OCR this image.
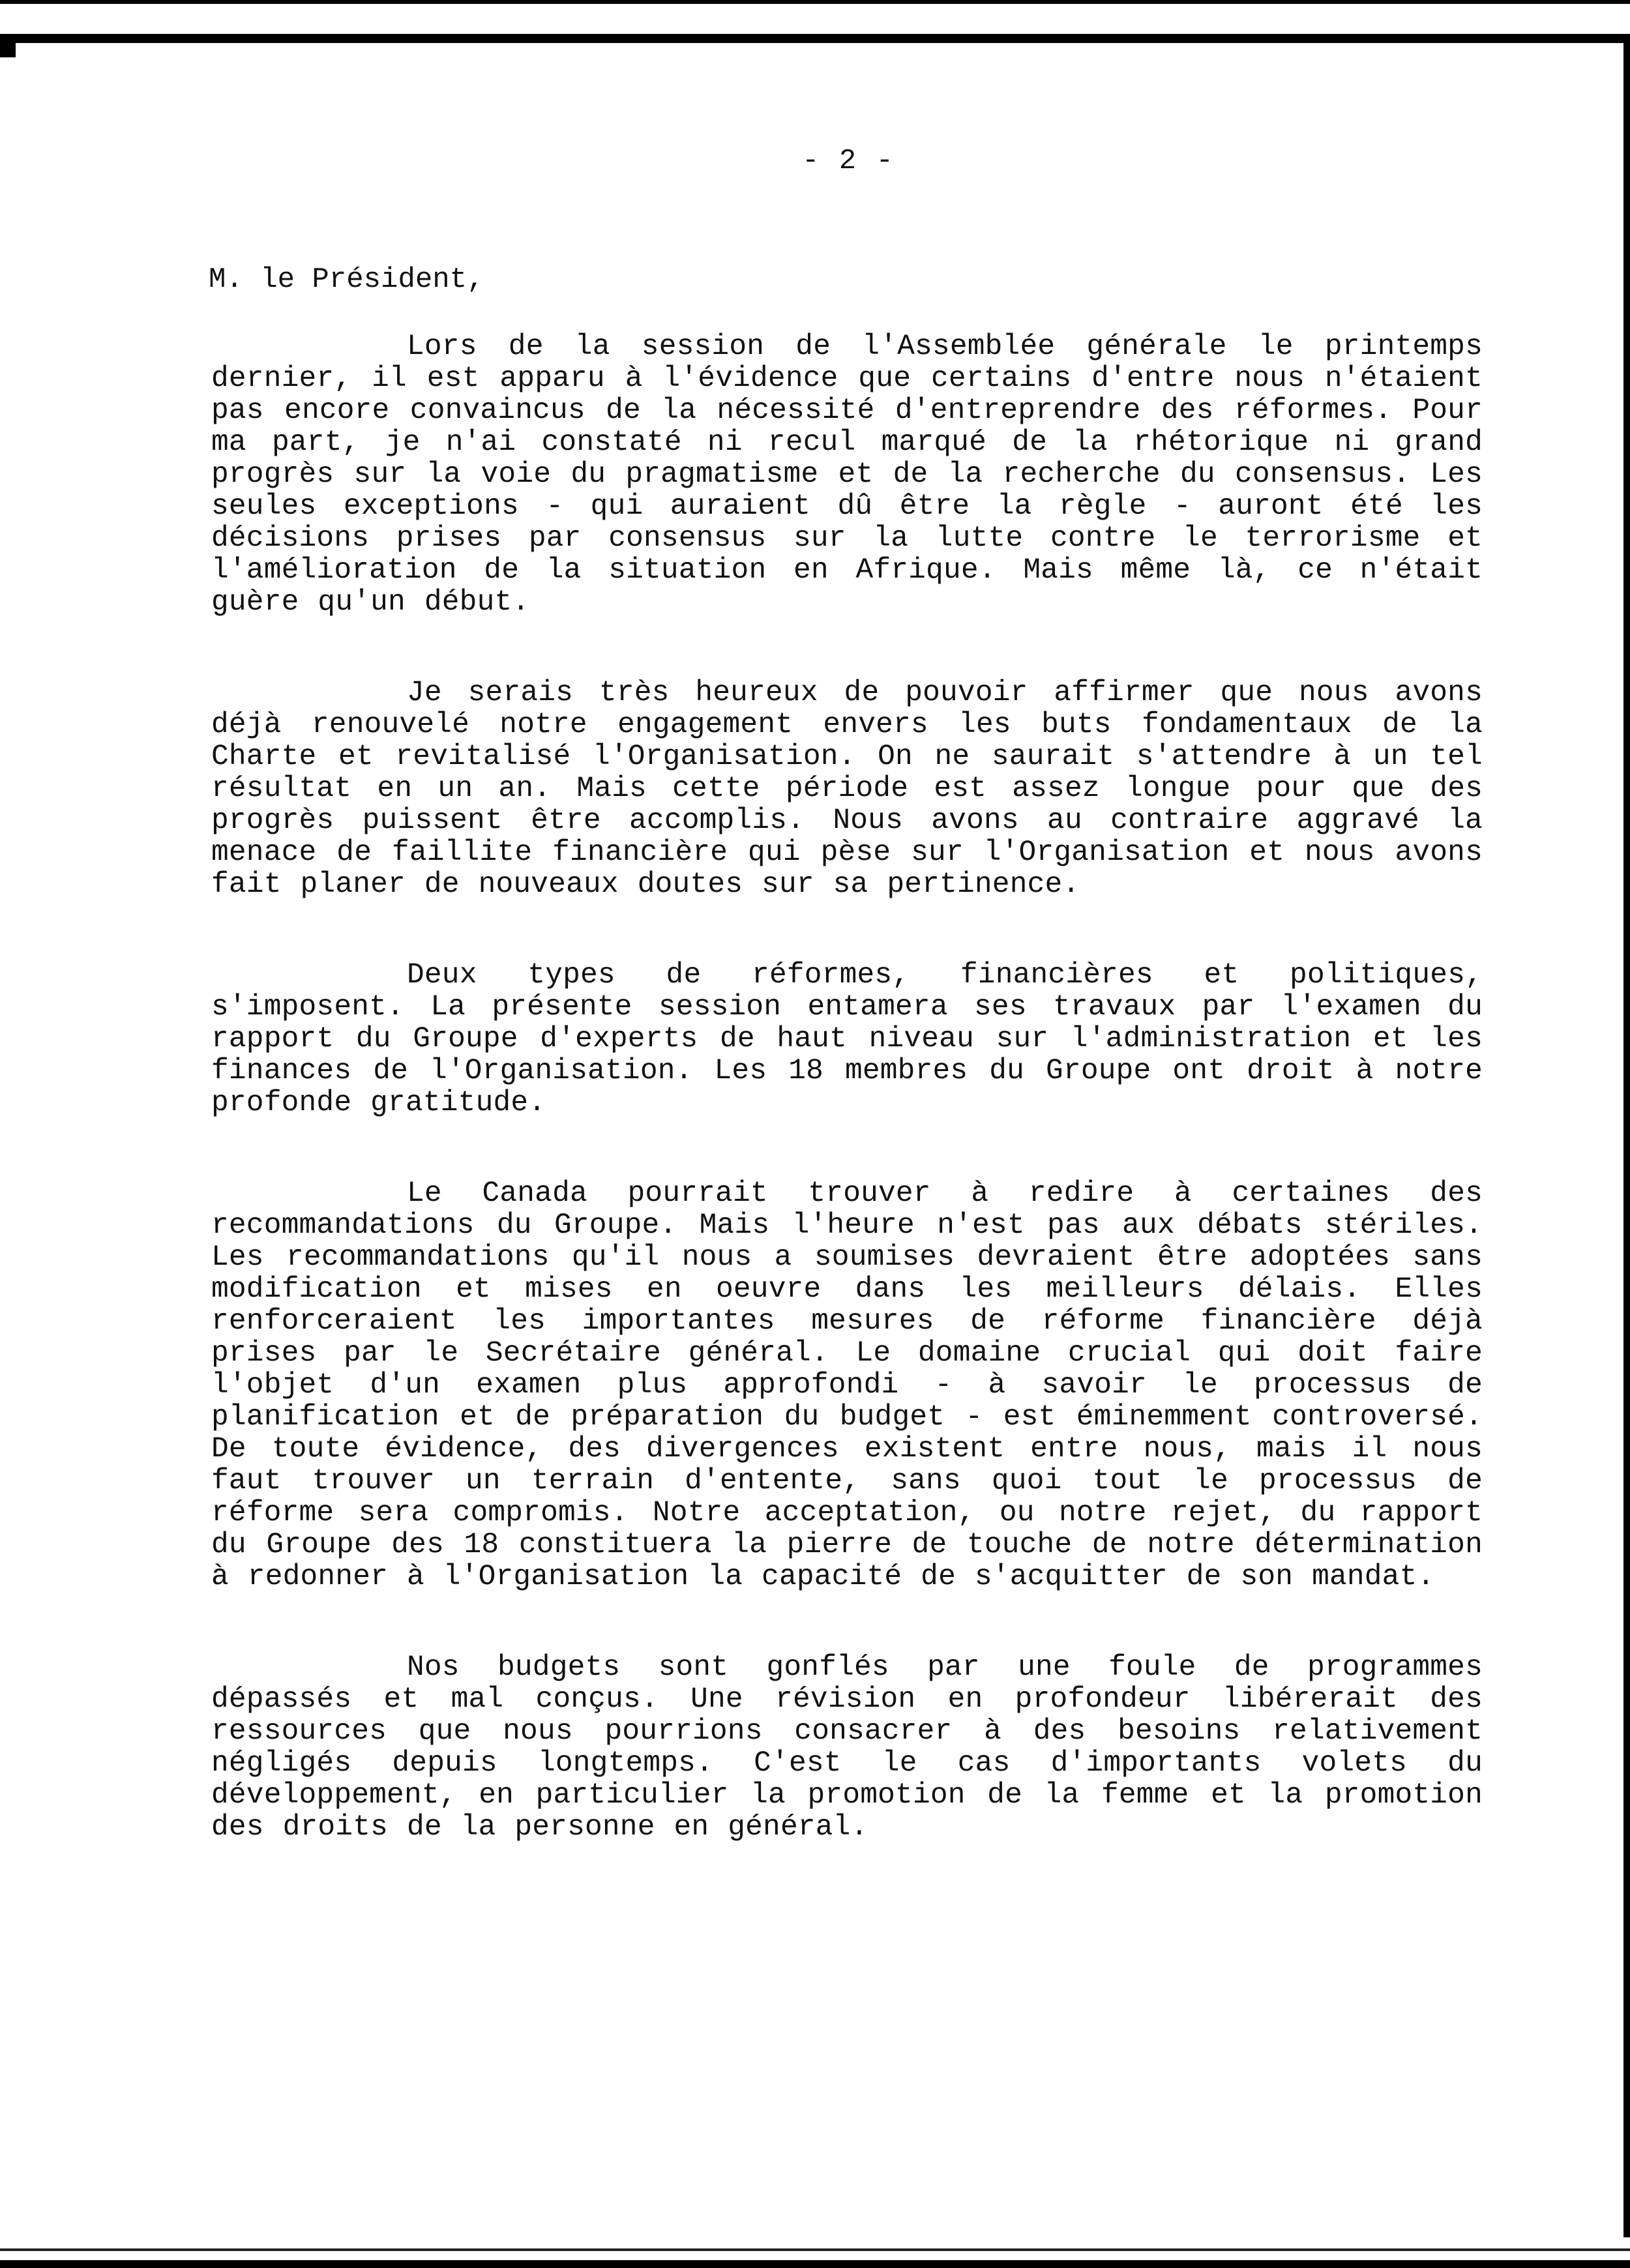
- 2 -
M. le Président,

Lors de la session de l'Assemblée générale le printemps dernier, il est apparu à l'évidence que certains d'entre nous n'étaient pas encore convaincus de la nécessité d'entreprendre des réformes. Pour ma part, je n'ai constaté ni recul marqué de la rhétorique ni grand progrès sur la voie du pragmatisme et de la recherche du consensus. Les seules exceptions - qui auraient dû être la règle - auront été les décisions prises par consensus sur la lutte contre le terrorisme et l'amélioration de la situation en Afrique. Mais même là, ce n'était guère qu'un début.

Je serais très heureux de pouvoir affirmer que nous avons déjà renouvelé notre engagement envers les buts fondamentaux de la Charte et revitalisé l'Organisation. On ne saurait s'attendre à un tel résultat en un an. Mais cette période est assez longue pour que des progrès puissent être accomplis. Nous avons au contraire aggravé la menace de faillite financière qui pèse sur l'Organisation et nous avons fait planer de nouveaux doutes sur sa pertinence.

Deux types de réformes, financières et politiques, s'imposent. La présente session entamera ses travaux par l'examen du rapport du Groupe d'experts de haut niveau sur l'administration et les finances de l'Organisation. Les 18 membres du Groupe ont droit à notre profonde gratitude.

Le Canada pourrait trouver à redire à certaines des recommandations du Groupe. Mais l'heure n'est pas aux débats stériles. Les recommandations qu'il nous a soumises devraient être adoptées sans modification et mises en oeuvre dans les meilleurs délais. Elles renforceraient les importantes mesures de réforme financière déjà prises par le Secrétaire général. Le domaine crucial qui doit faire l'objet d'un examen plus approfondi - à savoir le processus de planification et de préparation du budget - est éminemment controversé. De toute évidence, des divergences existent entre nous, mais il nous faut trouver un terrain d'entente, sans quoi tout le processus de réforme sera compromis. Notre acceptation, ou notre rejet, du rapport du Groupe des 18 constituera la pierre de touche de notre détermination à redonner à l'Organisation la capacité de s'acquitter de son mandat.

Nos budgets sont gonflés par une foule de programmes dépassés et mal conçus. Une révision en profondeur libérerait des ressources que nous pourrions consacrer à des besoins relativement négligés depuis longtemps. C'est le cas d'importants volets du développement, en particulier la promotion de la femme et la promotion des droits de la personne en général.
